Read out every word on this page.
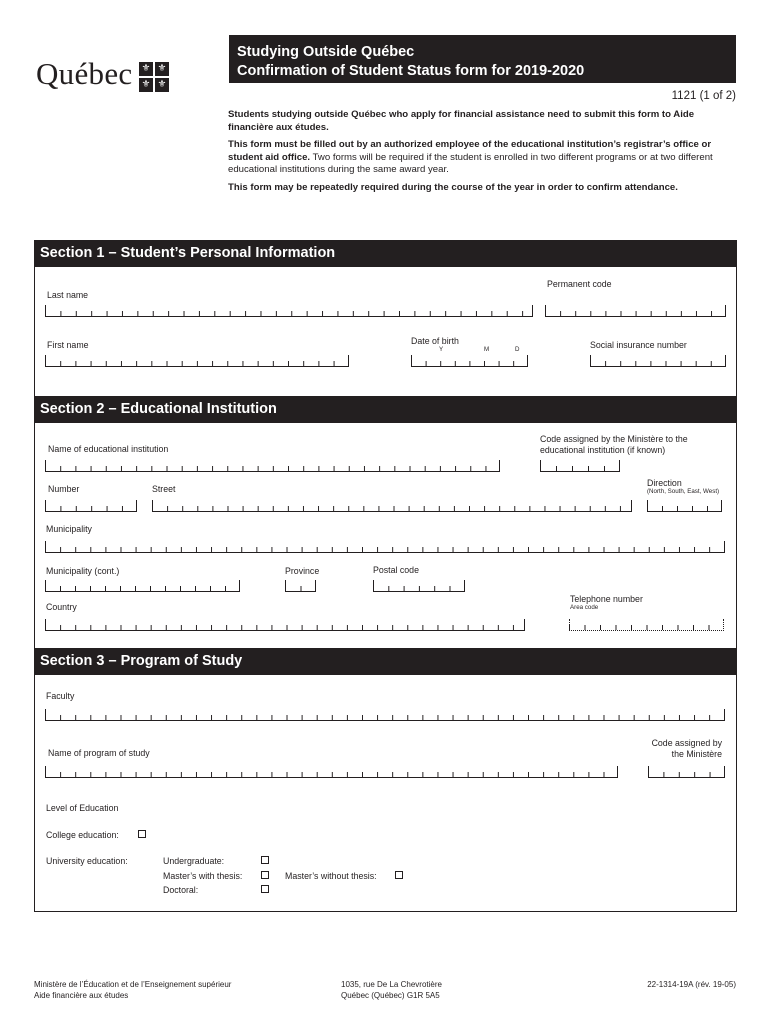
Québec ⚜ ⚜
⚜ ⚜
Studying Outside Québec
Confirmation of Student Status form for 2019-2020
1121 (1 of 2)

Students studying outside Québec who apply for financial assistance need to submit this form to Aide financière aux études.

This form must be filled out by an authorized employee of the educational institution’s registrar’s office or student aid office. Two forms will be required if the student is enrolled in two different programs or at two different educational institutions during the same award year.

This form may be repeatedly required during the course of the year in order to confirm attendance.

Section 1 – Student’s Personal Information
Last name
Permanent code
First name	Date of birth
Y	M	D	Social insurance number
Section 2 – Educational Institution
Name of educational institution
Code assigned by the Ministère to the educational institution (if known)
Number	Street
Direction
(North, South, East, West)
Municipality
Municipality (cont.)	Province	Postal code
Country
Telephone number
Area code
Section 3 – Program of Study
Faculty
Name of program of study
Code assigned by the Ministère
Level of Education
College education:
University education:	Undergraduate:
Master’s with thesis:	Master’s without thesis:
Doctoral:
Ministère de l’Éducation et de l’Enseignement supérieur
Aide financière aux études
1035, rue De La Chevrotière
Québec (Québec) G1R 5A5
22-1314-19A (rév. 19-05)
